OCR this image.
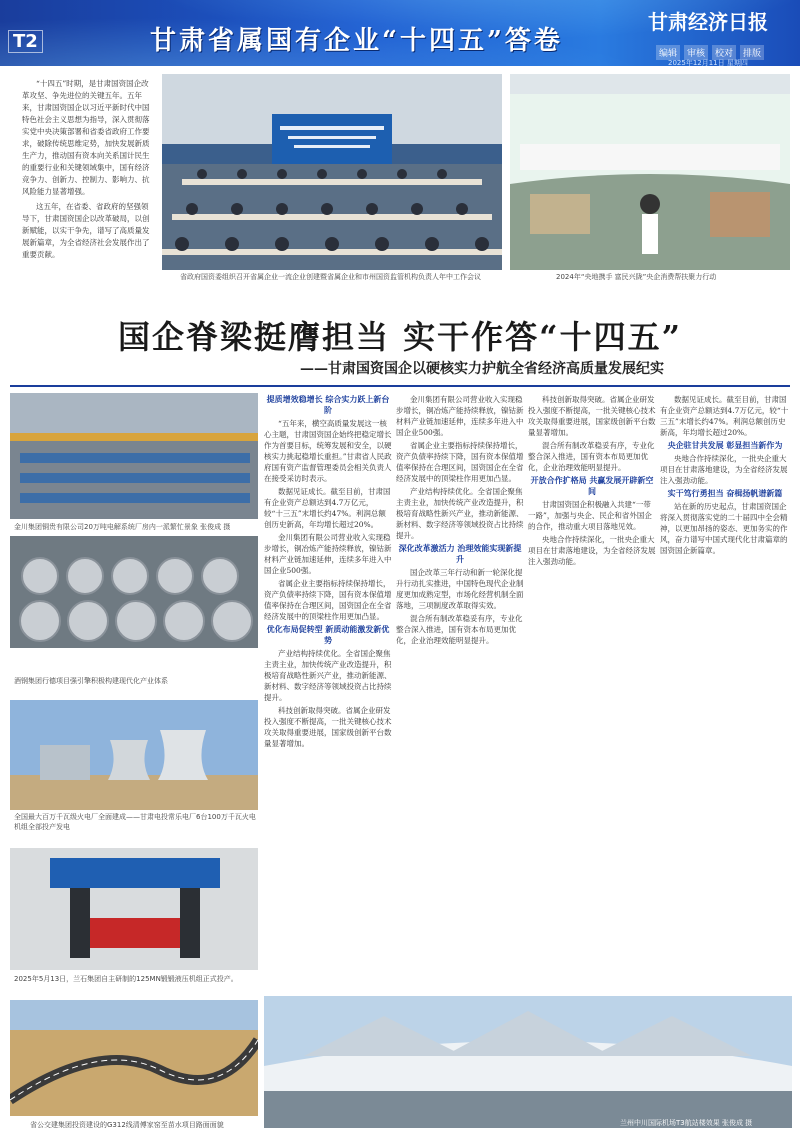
T2	甘肃省属国有企业“十四五”答卷
甘肃经济日报
编辑	审核	校对	排版
2025年12月11日 星期四

“十四五”时期，是甘肃国资国企改革攻坚、争先进位的关键五年。五年来，甘肃国资国企以习近平新时代中国特色社会主义思想为指导，深入贯彻落实党中央决策部署和省委省政府工作要求，破除传统思维定势，加快发展新质生产力，推动国有资本向关系国计民生的重要行业和关键领域集中，国有经济竞争力、创新力、控制力、影响力、抗风险能力显著增强。

这五年，在省委、省政府的坚强领导下，甘肃国资国企以改革破局，以创新赋能，以实干争先，谱写了高质量发展新篇章，为全省经济社会发展作出了重要贡献。

省政府国资委组织召开省属企业一流企业创建暨省属企业和市州国资监管机构负责人年中工作会议	2024年“央地携手 富民兴陇”央企消费帮扶聚力行动
国企脊梁挺膺担当 实干作答“十四五”
——甘肃国资国企以硬核实力护航全省经济高质量发展纪实
金川集团铜贵有限公司20万吨电解系统厂房内一派繁忙景象 张俊成 摄
酒钢集团行德项目强引擎积极构建现代化产业体系
全国最大百万千瓦级火电厂全面建成——甘肃电投常乐电厂6台100万千瓦火电机组全部投产发电
2025年5月13日，兰石集团自主研制的125MN锻锻液压机组正式投产。
省公交建集团投资建设的G312线清傅家窑至苗水项目路面面貌

提质增效稳增长 综合实力跃上新台阶

“五年来，横空高质量发展这一核心主题，甘肃国资国企始终把稳定增长作为首要目标，统筹发展和安全，以硬核实力挑起稳增长重担。”甘肃省人民政府国有资产监督管理委员会相关负责人在接受采访时表示。

数据见证成长。截至目前，甘肃国有企业资产总额达到4.7万亿元，较“十三五”末增长约47%。利润总额创历史新高，年均增长超过20%。

金川集团有限公司营业收入实现稳步增长，铜冶炼产能持续释放，镍钴新材料产业链加速延伸，连续多年进入中国企业500强。

省属企业主要指标持续保持增长，资产负债率持续下降，国有资本保值增值率保持在合理区间，国资国企在全省经济发展中的顶梁柱作用更加凸显。

优化布局促转型 新质动能激发新优势

产业结构持续优化。全省国企聚焦主责主业，加快传统产业改造提升，积极培育战略性新兴产业，推动新能源、新材料、数字经济等领域投资占比持续提升。

科技创新取得突破。省属企业研发投入强度不断提高，一批关键核心技术攻关取得重要进展，国家级创新平台数量显著增加。

金川集团有限公司营业收入实现稳步增长，铜冶炼产能持续释放，镍钴新材料产业链加速延伸，连续多年进入中国企业500强。

省属企业主要指标持续保持增长，资产负债率持续下降，国有资本保值增值率保持在合理区间，国资国企在全省经济发展中的顶梁柱作用更加凸显。

产业结构持续优化。全省国企聚焦主责主业，加快传统产业改造提升，积极培育战略性新兴产业，推动新能源、新材料、数字经济等领域投资占比持续提升。

深化改革激活力 治理效能实现新提升

国企改革三年行动和新一轮深化提升行动扎实推进，中国特色现代企业制度更加成熟定型，市场化经营机制全面落地，三项制度改革取得实效。

混合所有制改革稳妥有序，专业化整合深入推进，国有资本布局更加优化，企业治理效能明显提升。

科技创新取得突破。省属企业研发投入强度不断提高，一批关键核心技术攻关取得重要进展，国家级创新平台数量显著增加。

混合所有制改革稳妥有序，专业化整合深入推进，国有资本布局更加优化，企业治理效能明显提升。

开放合作扩格局 共赢发展开辟新空间

甘肃国资国企积极融入共建“一带一路”，加强与央企、民企和省外国企的合作，推动重大项目落地见效。

央地合作持续深化，一批央企重大项目在甘肃落地建设，为全省经济发展注入强劲动能。

数据见证成长。截至目前，甘肃国有企业资产总额达到4.7万亿元，较“十三五”末增长约47%。利润总额创历史新高，年均增长超过20%。

央企驻甘共发展 彰显担当新作为

央地合作持续深化，一批央企重大项目在甘肃落地建设，为全省经济发展注入强劲动能。

实干笃行勇担当 奋楫扬帆谱新篇

站在新的历史起点，甘肃国资国企将深入贯彻落实党的二十届四中全会精神，以更加昂扬的姿态、更加务实的作风，奋力谱写中国式现代化甘肃篇章的国资国企新篇章。

兰州中川国际机场T3航站楼效果 张俊成 摄
